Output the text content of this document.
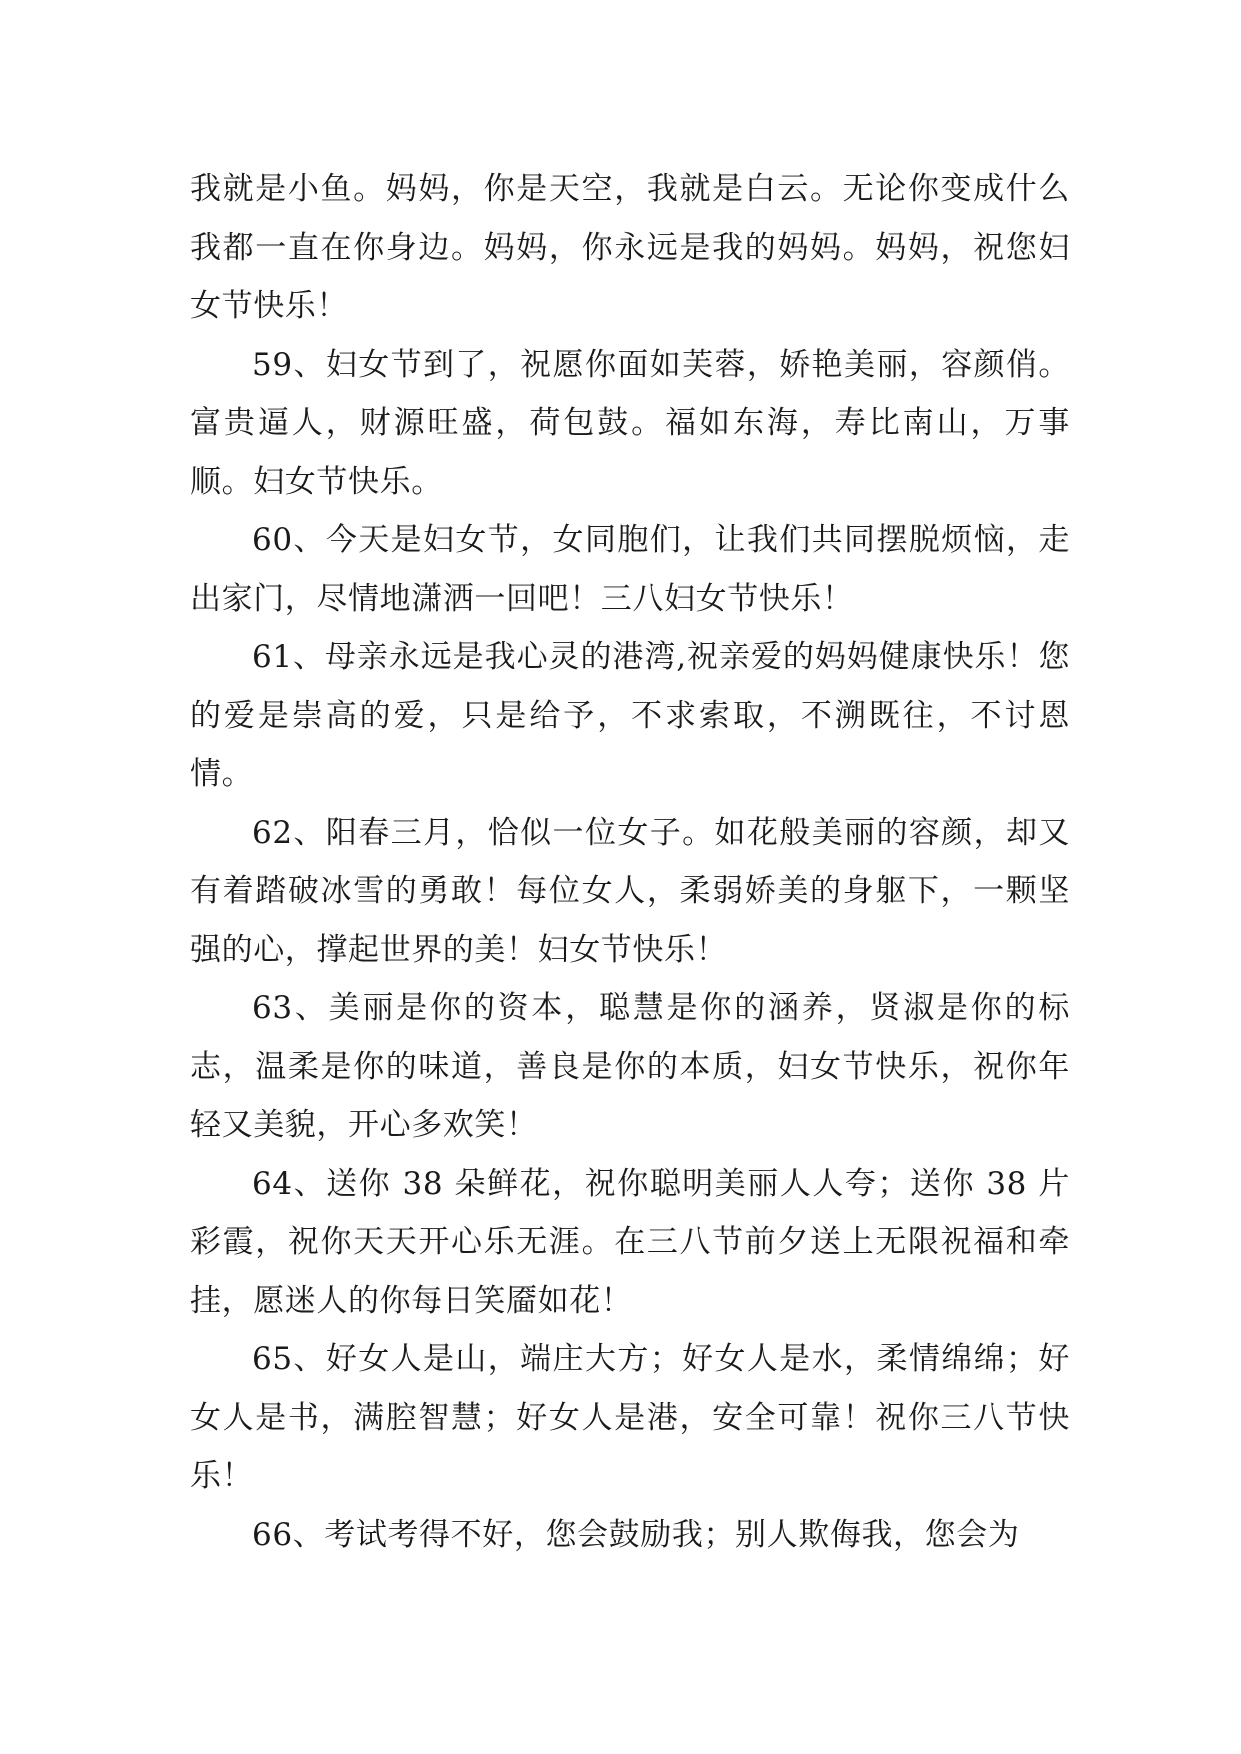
我就是小鱼。妈妈，你是天空，我就是白云。无论你变成什么我都一直在你身边。妈妈，你永远是我的妈妈。妈妈，祝您妇女节快乐！

59、妇女节到了，祝愿你面如芙蓉，娇艳美丽，容颜俏。富贵逼人，财源旺盛，荷包鼓。福如东海，寿比南山，万事顺。妇女节快乐。

60、今天是妇女节，女同胞们，让我们共同摆脱烦恼，走出家门，尽情地潇洒一回吧！三八妇女节快乐！

61、母亲永远是我心灵的港湾,祝亲爱的妈妈健康快乐！您的爱是崇高的爱，只是给予，不求索取，不溯既往，不讨恩情。

62、阳春三月，恰似一位女子。如花般美丽的容颜，却又有着踏破冰雪的勇敢！每位女人，柔弱娇美的身躯下，一颗坚强的心，撑起世界的美！妇女节快乐！

63、美丽是你的资本，聪慧是你的涵养，贤淑是你的标志，温柔是你的味道，善良是你的本质，妇女节快乐，祝你年轻又美貌，开心多欢笑！

64、送你 38 朵鲜花，祝你聪明美丽人人夸；送你 38 片彩霞，祝你天天开心乐无涯。在三八节前夕送上无限祝福和牵挂，愿迷人的你每日笑靥如花！

65、好女人是山，端庄大方；好女人是水，柔情绵绵；好女人是书，满腔智慧；好女人是港，安全可靠！祝你三八节快乐！

66、考试考得不好，您会鼓励我；别人欺侮我，您会为
